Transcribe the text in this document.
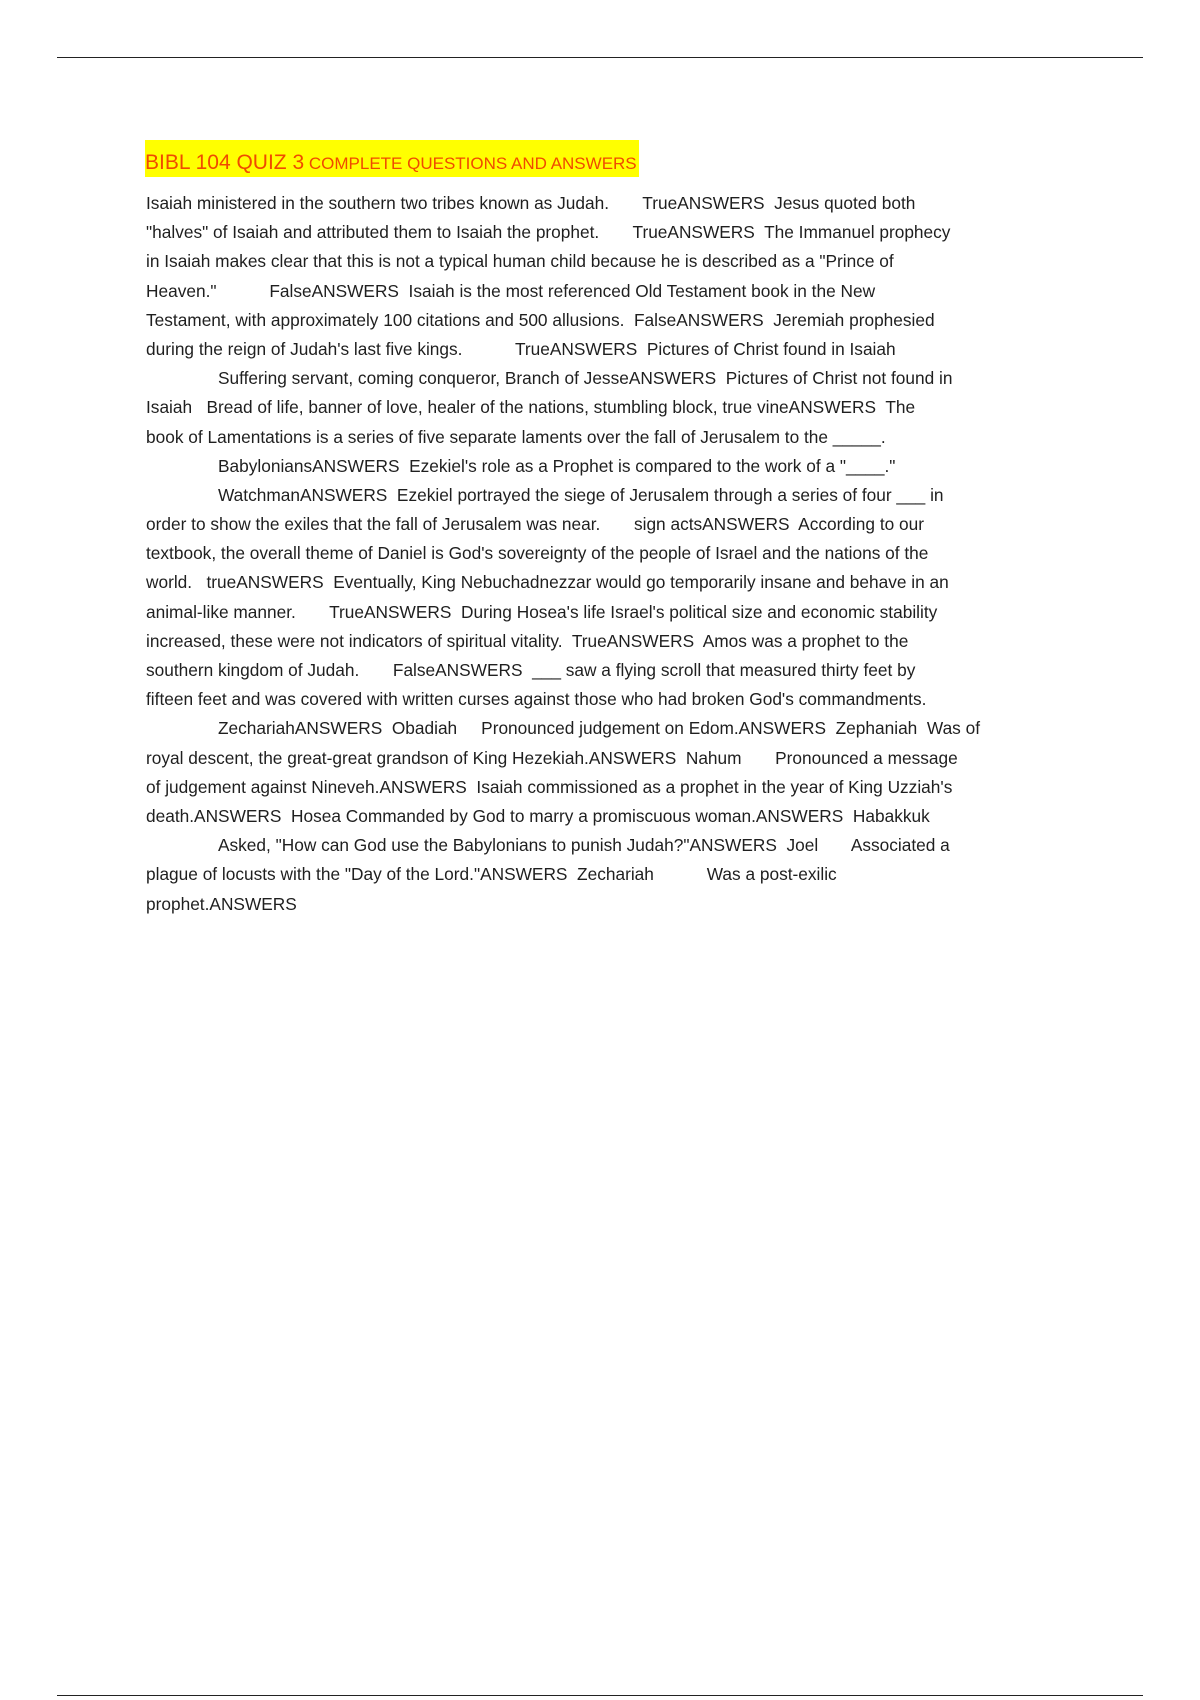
BIBL 104 QUIZ 3 COMPLETE QUESTIONS AND ANSWERS
Isaiah ministered in the southern two tribes known as Judah.       TrueANSWERS  Jesus quoted both
"halves" of Isaiah and attributed them to Isaiah the prophet.       TrueANSWERS  The Immanuel prophecy
in Isaiah makes clear that this is not a typical human child because he is described as a "Prince of
Heaven."           FalseANSWERS  Isaiah is the most referenced Old Testament book in the New
Testament, with approximately 100 citations and 500 allusions.  FalseANSWERS  Jeremiah prophesied
during the reign of Judah's last five kings.           TrueANSWERS  Pictures of Christ found in Isaiah
Suffering servant, coming conqueror, Branch of JesseANSWERS  Pictures of Christ not found in
Isaiah   Bread of life, banner of love, healer of the nations, stumbling block, true vineANSWERS  The
book of Lamentations is a series of five separate laments over the fall of Jerusalem to the _____.
BabyloniansANSWERS  Ezekiel's role as a Prophet is compared to the work of a "____."
WatchmanANSWERS  Ezekiel portrayed the siege of Jerusalem through a series of four ___ in
order to show the exiles that the fall of Jerusalem was near.       sign actsANSWERS  According to our
textbook, the overall theme of Daniel is God's sovereignty of the people of Israel and the nations of the
world.   trueANSWERS  Eventually, King Nebuchadnezzar would go temporarily insane and behave in an
animal-like manner.       TrueANSWERS  During Hosea's life Israel's political size and economic stability
increased, these were not indicators of spiritual vitality.  TrueANSWERS  Amos was a prophet to the
southern kingdom of Judah.       FalseANSWERS  ___ saw a flying scroll that measured thirty feet by
fifteen feet and was covered with written curses against those who had broken God's commandments.
ZechariahANSWERS  Obadiah     Pronounced judgement on Edom.ANSWERS  Zephaniah  Was of
royal descent, the great-great grandson of King Hezekiah.ANSWERS  Nahum       Pronounced a message
of judgement against Nineveh.ANSWERS  Isaiah commissioned as a prophet in the year of King Uzziah's
death.ANSWERS  Hosea Commanded by God to marry a promiscuous woman.ANSWERS  Habakkuk
Asked, "How can God use the Babylonians to punish Judah?"ANSWERS  Joel       Associated a
plague of locusts with the "Day of the Lord."ANSWERS  Zechariah           Was a post-exilic
prophet.ANSWERS
